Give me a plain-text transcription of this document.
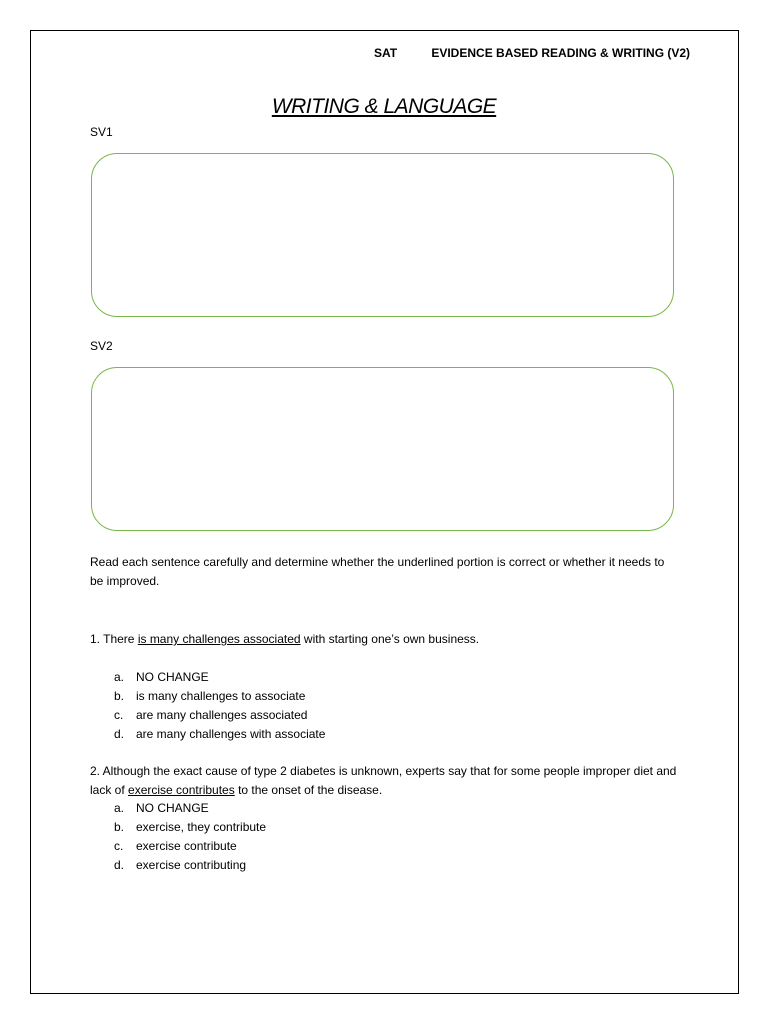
SAT	EVIDENCE BASED READING & WRITING (V2)
WRITING & LANGUAGE
SV1
SV2
Read each sentence carefully and determine whether the underlined portion is correct or whether it needs to be improved.
1. There is many challenges associated with starting one’s own business.
a. NO CHANGE
b. is many challenges to associate
c.	are many challenges associated
d. are many challenges with associate
2. Although the exact cause of type 2 diabetes is unknown, experts say that for some people improper diet and lack of exercise contributes to the onset of the disease.
a. NO CHANGE
b. exercise, they contribute
c.	exercise contribute
d. exercise contributing
